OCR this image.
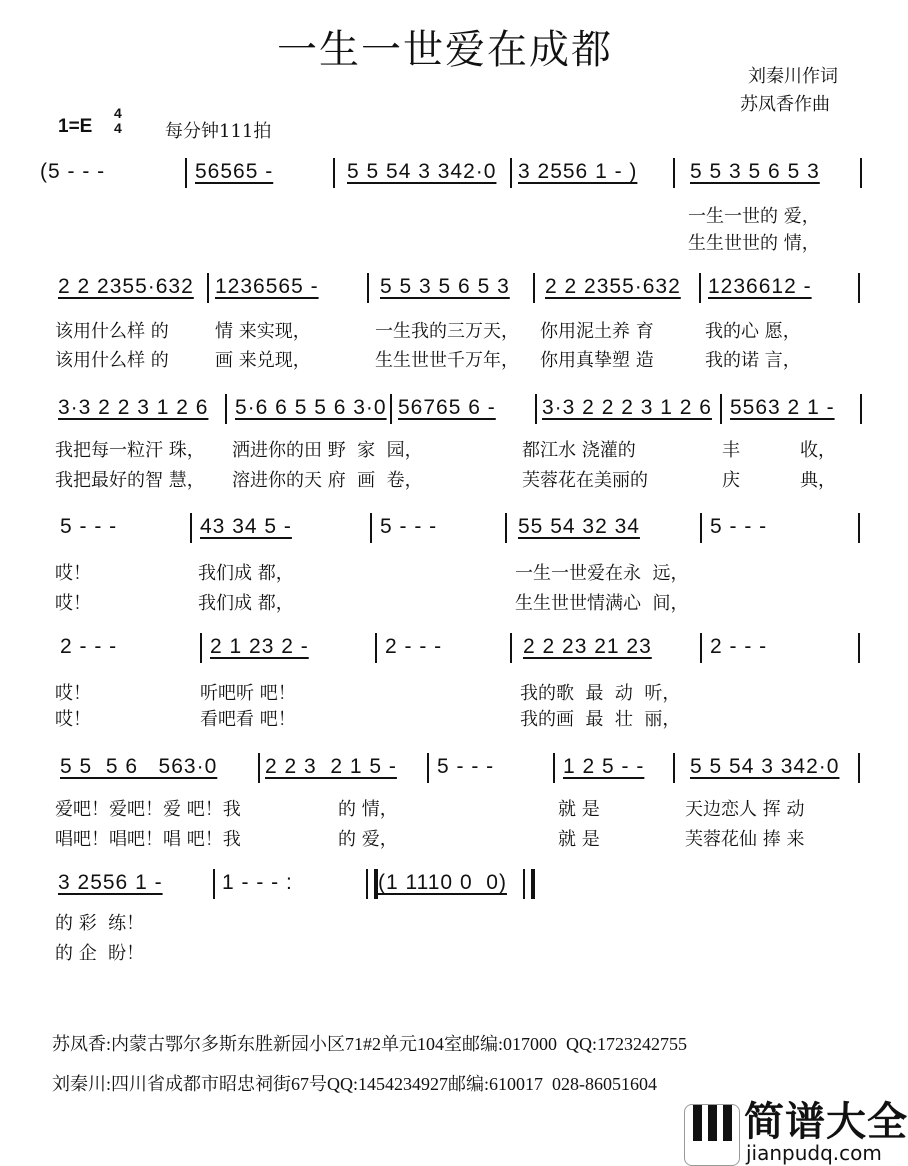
一生一世爱在成都
刘秦川作词
苏凤香作曲
1=E
4
4 每分钟111拍
(5 - - -	56565 -	5 5 54 3 342·0 3 2556 1 - )	5 5 3 5 6 5 3
一生一世的 爱，
生生世世的 情，
2 2 2355·632 1236565 -	5 5 3 5 6 5 3 2 2 2355·632 1236612 -
该用什么样 的	情 来实现，	一生我的三万天， 你用泥土养 育	我的心 愿，
该用什么样 的	画 来兑现，	生生世世千万年， 你用真挚塑 造	我的诺 言，
3·3 2 2 3 1 2 6 5·6 6 5 5 6 3·0 56765 6 - 3·3 2 2 2 3 1 2 6 5563 2 1 -
我把每一粒汗 珠， 洒进你的田 野  家  园，	都江水 浇灌的	丰	收，
我把最好的智 慧， 溶进你的天 府  画  卷，	芙蓉花在美丽的	庆	典，
5 - - -	43 34 5 -	5 - - -	55 54 32 34	5 - - -
哎！	我们成 都，	一生一世爱在永  远，
哎！	我们成 都，	生生世世情满心  间，
2 - - -	2 1 23 2 -	2 - - -	2 2 23 21 23	2 - - -
哎！	听吧听 吧！	我的歌  最  动  听，
哎！	看吧看 吧！	我的画  最  壮  丽，
5 5  5 6   563·0 2 2 3  2 1 5 - 5 - - -	1 2 5 - - 5 5 54 3 342·0
爱吧！爱吧！爱 吧！我	的 情，	就 是	天边恋人 挥 动
唱吧！唱吧！唱 吧！我	的 爱，	就 是	芙蓉花仙 捧 来
3 2556 1 -	1 - - - :	(1 1110 0  0)
的 彩  练！
的 企  盼！
苏凤香:内蒙古鄂尔多斯东胜新园小区71#2单元104室邮编:017000  QQ:1723242755
刘秦川:四川省成都市昭忠祠街67号QQ:1454234927邮编:610017  028-86051604
简谱大全
jianpudq.com
